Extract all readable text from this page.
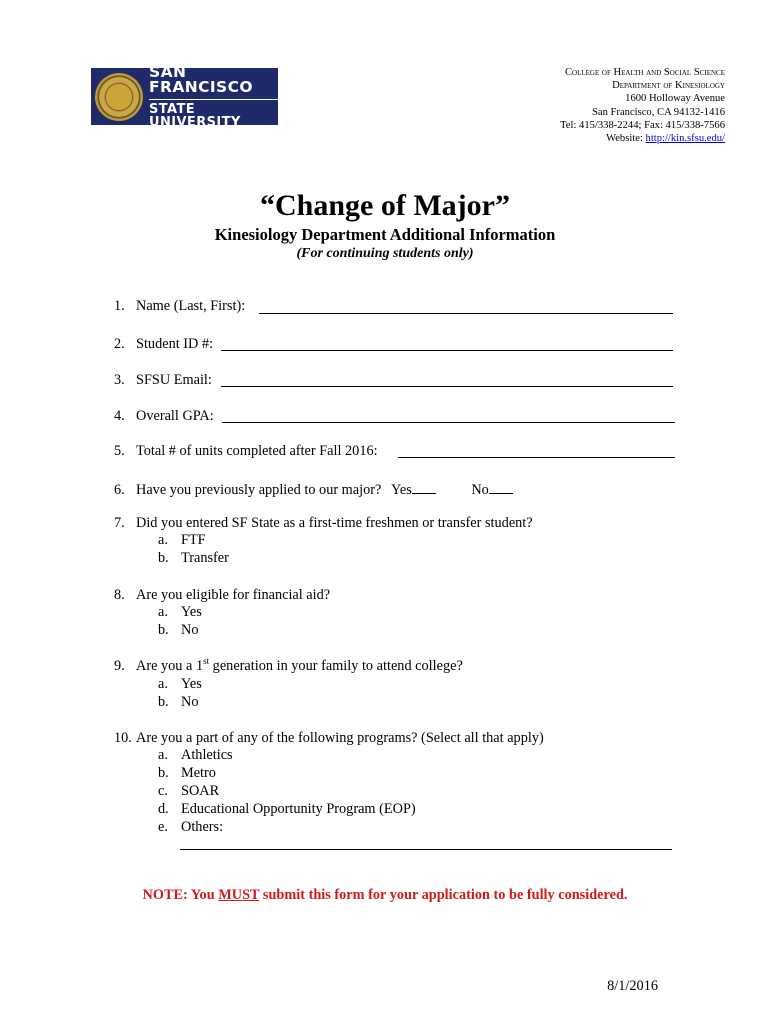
SAN FRANCISCO
STATE UNIVERSITY
College of Health and Social Science
Department of Kinesiology
1600 Holloway Avenue
San Francisco, CA 94132-1416
Tel: 415/338-2244; Fax: 415/338-7566
Website: http://kin.sfsu.edu/
“Change of Major”
Kinesiology Department Additional Information
(For continuing students only)
1. Name (Last, First):
2. Student ID #:
3. SFSU Email:
4. Overall GPA:
5. Total # of units completed after Fall 2016:
6. Have you previously applied to our major? Yes	No
7. Did you entered SF State as a first-time freshmen or transfer student?
a. FTF
b. Transfer
8. Are you eligible for financial aid?
a. Yes
b. No
9. Are you a 1st generation in your family to attend college?
a. Yes
b. No
10. Are you a part of any of the following programs? (Select all that apply)
a. Athletics
b. Metro
c. SOAR
d. Educational Opportunity Program (EOP)
e. Others:
NOTE: You MUST submit this form for your application to be fully considered.
8/1/2016
